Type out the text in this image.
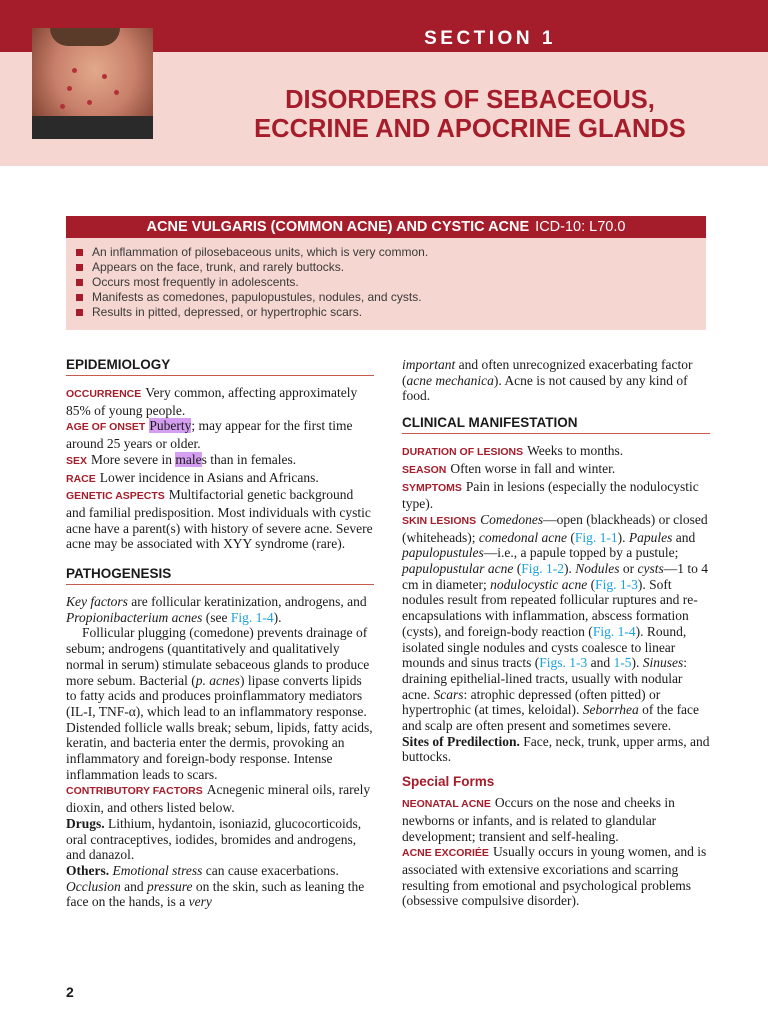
SECTION 1
DISORDERS OF SEBACEOUS,
ECCRINE AND APOCRINE GLANDS
ACNE VULGARIS (COMMON ACNE) AND CYSTIC ACNE ICD-10: L70.0
An inflammation of pilosebaceous units, which is very common.
Appears on the face, trunk, and rarely buttocks.
Occurs most frequently in adolescents.
Manifests as comedones, papulopustules, nodules, and cysts.
Results in pitted, depressed, or hypertrophic scars.
EPIDEMIOLOGY

OCCURRENCE Very common, affecting approximately 85% of young people.

AGE OF ONSET Puberty; may appear for the first time around 25 years or older.

SEX More severe in males than in females.

RACE Lower incidence in Asians and Africans.

GENETIC ASPECTS Multifactorial genetic background and familial predisposition. Most individuals with cystic acne have a parent(s) with history of severe acne. Severe acne may be associated with XYY syndrome (rare).

PATHOGENESIS

Key factors are follicular keratinization, androgens, and Propionibacterium acnes (see Fig. 1-4).

Follicular plugging (comedone) prevents drainage of sebum; androgens (quantitatively and qualitatively normal in serum) stimulate sebaceous glands to produce more sebum. Bacterial (p. acnes) lipase converts lipids to fatty acids and produces proinflammatory mediators (IL-I, TNF-α), which lead to an inflammatory response. Distended follicle walls break; sebum, lipids, fatty acids, keratin, and bacteria enter the dermis, provoking an inflammatory and foreign-body response. Intense inflammation leads to scars.

CONTRIBUTORY FACTORS Acnegenic mineral oils, rarely dioxin, and others listed below.

Drugs. Lithium, hydantoin, isoniazid, glucocorticoids, oral contraceptives, iodides, bromides and androgens, and danazol.

Others. Emotional stress can cause exacerbations. Occlusion and pressure on the skin, such as leaning the face on the hands, is a very

important and often unrecognized exacerbating factor (acne mechanica). Acne is not caused by any kind of food.

CLINICAL MANIFESTATION

DURATION OF LESIONS Weeks to months.

SEASON Often worse in fall and winter.

SYMPTOMS Pain in lesions (especially the nodulocystic type).

SKIN LESIONS Comedones—open (blackheads) or closed (whiteheads); comedonal acne (Fig. 1-1). Papules and papulopustules—i.e., a papule topped by a pustule; papulopustular acne (Fig. 1-2). Nodules or cysts—1 to 4 cm in diameter; nodulocystic acne (Fig. 1-3). Soft nodules result from repeated follicular ruptures and re-encapsulations with inflammation, abscess formation (cysts), and foreign-body reaction (Fig. 1-4). Round, isolated single nodules and cysts coalesce to linear mounds and sinus tracts (Figs. 1-3 and 1-5). Sinuses: draining epithelial-lined tracts, usually with nodular acne. Scars: atrophic depressed (often pitted) or hypertrophic (at times, keloidal). Seborrhea of the face and scalp are often present and sometimes severe.

Sites of Predilection. Face, neck, trunk, upper arms, and buttocks.

Special Forms

NEONATAL ACNE Occurs on the nose and cheeks in newborns or infants, and is related to glandular development; transient and self-healing.

ACNE EXCORIÉE Usually occurs in young women, and is associated with extensive excoriations and scarring resulting from emotional and psychological problems (obsessive compulsive disorder).

2
